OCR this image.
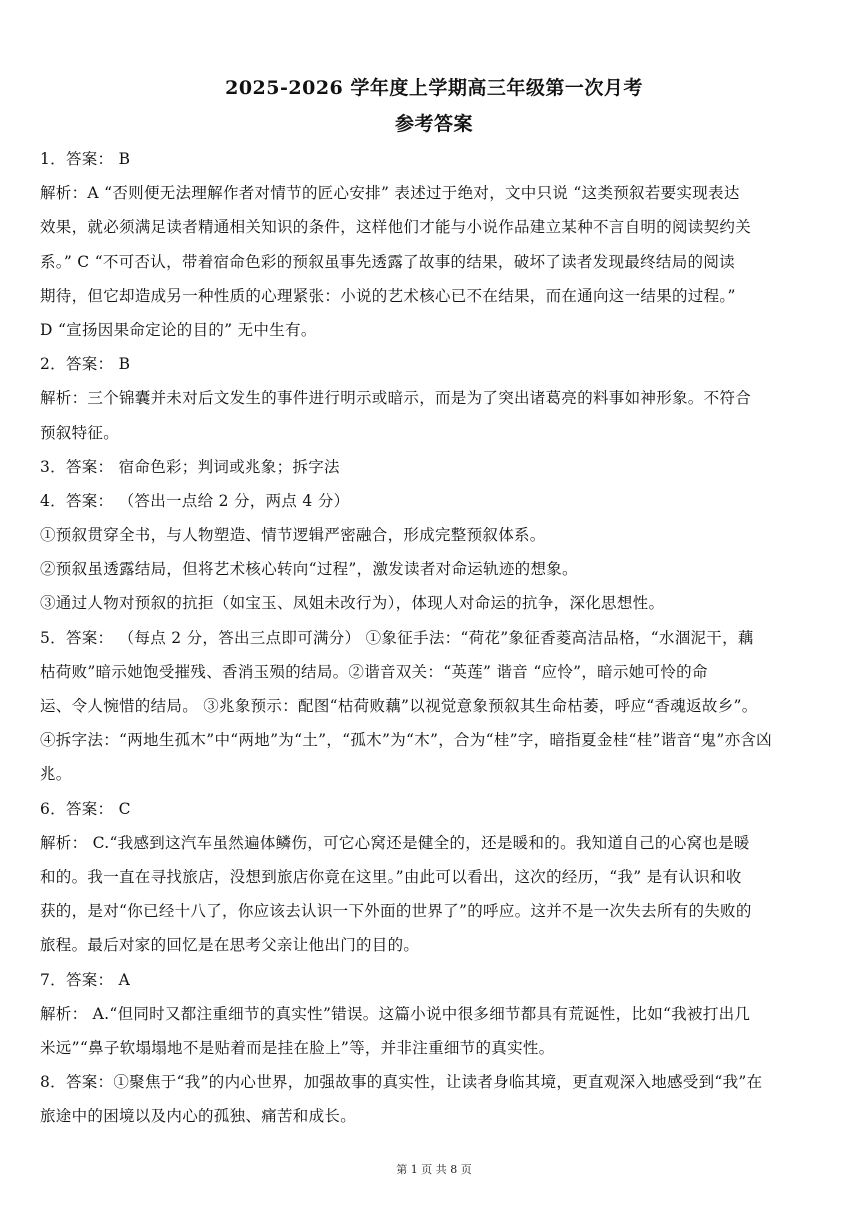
2025-2026 学年度上学期高三年级第一次月考
参考答案
1．答案： B
解析：A “否则便无法理解作者对情节的匠心安排” 表述过于绝对，文中只说 “这类预叙若要实现表达
效果，就必须满足读者精通相关知识的条件，这样他们才能与小说作品建立某种不言自明的阅读契约关
系。” C “不可否认，带着宿命色彩的预叙虽事先透露了故事的结果，破坏了读者发现最终结局的阅读
期待，但它却造成另一种性质的心理紧张：小说的艺术核心已不在结果，而在通向这一结果的过程。”
D “宣扬因果命定论的目的” 无中生有。
2．答案： B
解析：三个锦囊并未对后文发生的事件进行明示或暗示，而是为了突出诸葛亮的料事如神形象。不符合
预叙特征。
3．答案： 宿命色彩；判词或兆象；拆字法
4．答案： （答出一点给 2 分，两点 4 分）
①预叙贯穿全书，与人物塑造、情节逻辑严密融合，形成完整预叙体系。
②预叙虽透露结局，但将艺术核心转向“过程”，激发读者对命运轨迹的想象。
③通过人物对预叙的抗拒（如宝玉、凤姐未改行为），体现人对命运的抗争，深化思想性。
5．答案： （每点 2 分，答出三点即可满分） ①象征手法：“荷花”象征香菱高洁品格，“水涸泥干，藕
枯荷败”暗示她饱受摧残、香消玉殒的结局。②谐音双关：“英莲” 谐音 “应怜”，暗示她可怜的命
运、令人惋惜的结局。 ③兆象预示：配图“枯荷败藕”以视觉意象预叙其生命枯萎，呼应“香魂返故乡”。
④拆字法：“两地生孤木”中“两地”为“土”，“孤木”为“木”，合为“桂”字，暗指夏金桂“桂”谐音“鬼”亦含凶
兆。
6．答案： C
解析： C.“我感到这汽车虽然遍体鳞伤，可它心窝还是健全的，还是暖和的。我知道自己的心窝也是暖
和的。我一直在寻找旅店，没想到旅店你竟在这里。”由此可以看出，这次的经历，“我” 是有认识和收
获的，是对“你已经十八了，你应该去认识一下外面的世界了”的呼应。这并不是一次失去所有的失败的
旅程。最后对家的回忆是在思考父亲让他出门的目的。
7．答案： A
解析： A.“但同时又都注重细节的真实性”错误。这篇小说中很多细节都具有荒诞性，比如“我被打出几
米远”“鼻子软塌塌地不是贴着而是挂在脸上”等，并非注重细节的真实性。
8．答案：①聚焦于“我”的内心世界，加强故事的真实性，让读者身临其境，更直观深入地感受到“我”在
旅途中的困境以及内心的孤独、痛苦和成长。
第 1 页 共 8 页
